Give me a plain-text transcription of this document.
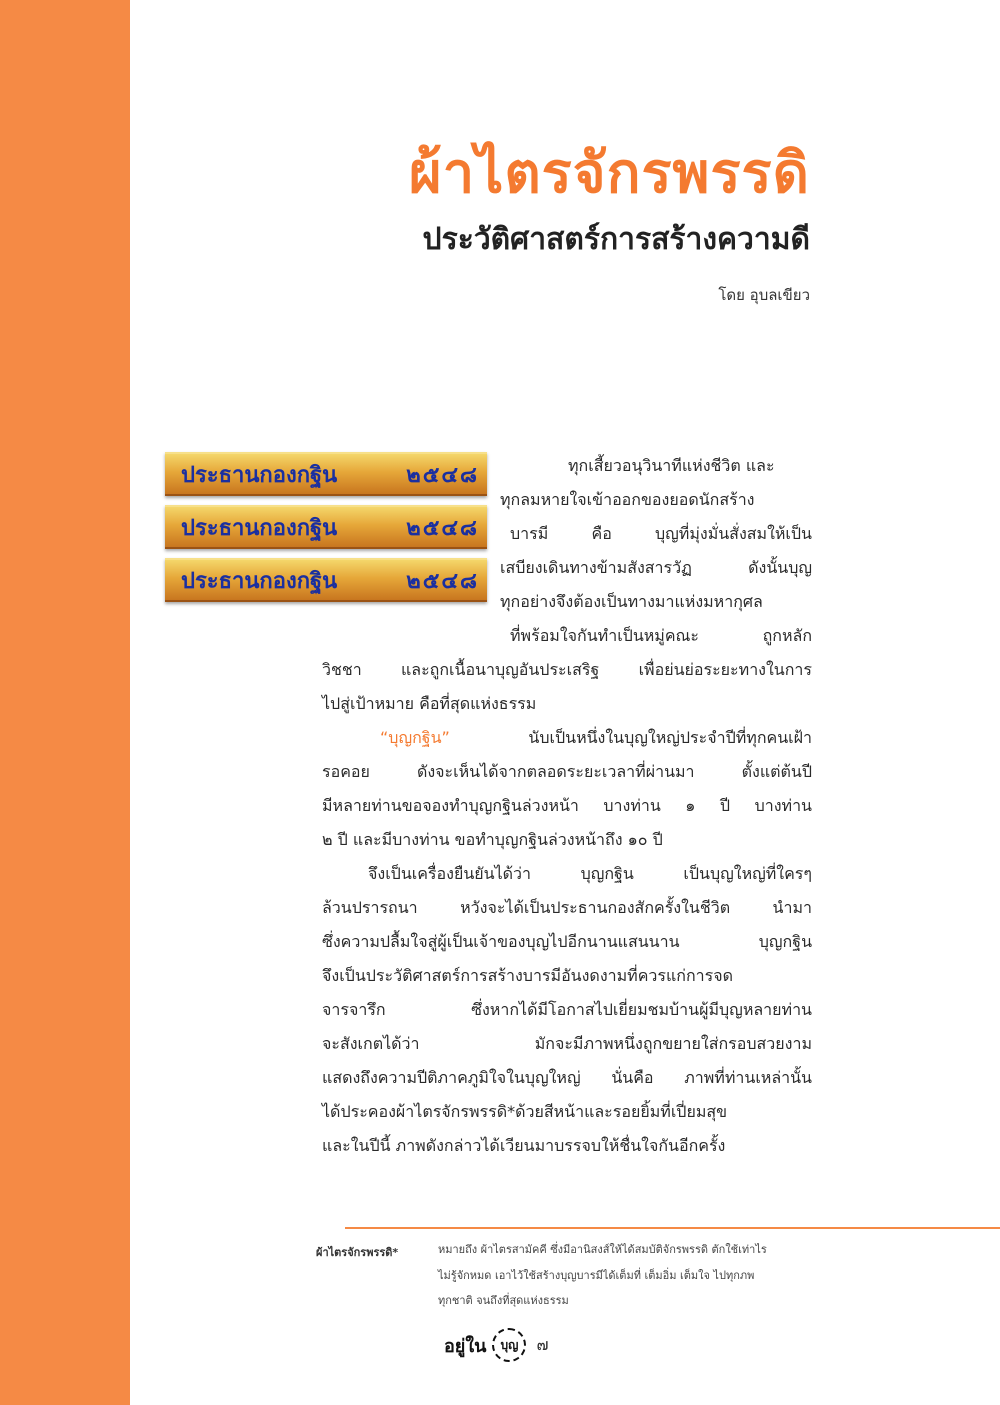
ผ้าไตรจักรพรรดิ
ประวัติศาสตร์การสร้างความดี
โดย อุบลเขียว
ประธานกองกฐิน	๒๕๔๘
ประธานกองกฐิน	๒๕๔๘
ประธานกองกฐิน	๒๕๔๘
ทุกเสี้ยวอนุวินาทีแห่งชีวิต และ
ทุกลมหายใจเข้าออกของยอดนักสร้าง
บารมี คือ บุญที่มุ่งมั่นสั่งสมให้เป็น
เสบียงเดินทางข้ามสังสารวัฏ ดังนั้นบุญ
ทุกอย่างจึงต้องเป็นทางมาแห่งมหากุศล
ที่พร้อมใจกันทำเป็นหมู่คณะ ถูกหลัก
วิชชา และถูกเนื้อนาบุญอันประเสริฐ เพื่อย่นย่อระยะทางในการ
ไปสู่เป้าหมาย คือที่สุดแห่งธรรม
“บุญกฐิน”	นับเป็นหนึ่งในบุญใหญ่ประจำปีที่ทุกคนเฝ้า
รอคอย ดังจะเห็นได้จากตลอดระยะเวลาที่ผ่านมา ตั้งแต่ต้นปี
มีหลายท่านขอจองทำบุญกฐินล่วงหน้า บางท่าน ๑ ปี บางท่าน
๒ ปี และมีบางท่าน ขอทำบุญกฐินล่วงหน้าถึง ๑๐ ปี
จึงเป็นเครื่องยืนยันได้ว่า บุญกฐิน เป็นบุญใหญ่ที่ใครๆ
ล้วนปรารถนา หวังจะได้เป็นประธานกองสักครั้งในชีวิต นำมา
ซึ่งความปลื้มใจสู่ผู้เป็นเจ้าของบุญไปอีกนานแสนนาน บุญกฐิน
จึงเป็นประวัติศาสตร์การสร้างบารมีอันงดงามที่ควรแก่การจด
จารจารึก ซึ่งหากได้มีโอกาสไปเยี่ยมชมบ้านผู้มีบุญหลายท่าน
จะสังเกตได้ว่า มักจะมีภาพหนึ่งถูกขยายใส่กรอบสวยงาม
แสดงถึงความปีติภาคภูมิใจในบุญใหญ่ นั่นคือ ภาพที่ท่านเหล่านั้น
ได้ประคองผ้าไตรจักรพรรดิ*ด้วยสีหน้าและรอยยิ้มที่เปี่ยมสุข
และในปีนี้ ภาพดังกล่าวได้เวียนมาบรรจบให้ชื่นใจกันอีกครั้ง
ผ้าไตรจักรพรรดิ*	หมายถึง ผ้าไตรสามัคคี ซึ่งมีอานิสงส์ให้ได้สมบัติจักรพรรดิ ตักใช้เท่าไร
ไม่รู้จักหมด เอาไว้ใช้สร้างบุญบารมีได้เต็มที่ เต็มอิ่ม เต็มใจ ไปทุกภพ
ทุกชาติ จนถึงที่สุดแห่งธรรม
อยู่ใน	บุญ	๗
